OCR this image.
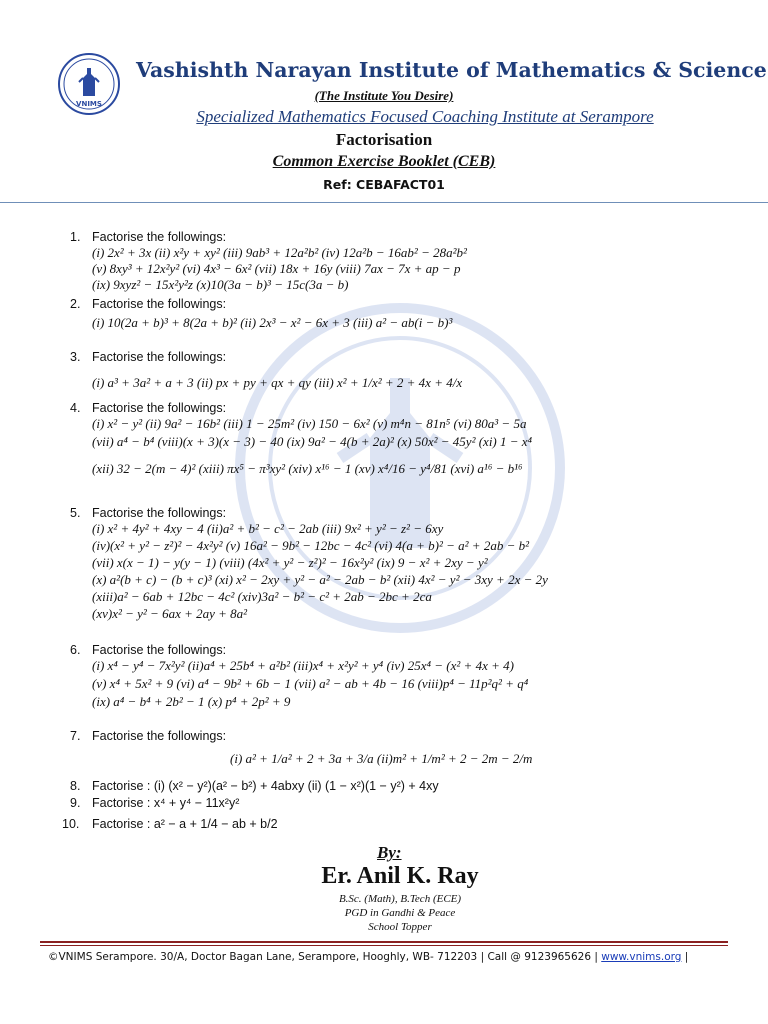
VNIMS
Vashishth Narayan Institute of Mathematics & Science
(The Institute You Desire)
Specialized Mathematics Focused Coaching Institute at Serampore
Factorisation
Common Exercise Booklet (CEB)
Ref: CEBAFACT01
1. Factorise the followings:
(i) 2x² + 3x (ii) x²y + xy² (iii) 9ab³ + 12a²b² (iv) 12a²b − 16ab² − 28a²b²
(v) 8xy³ + 12x²y² (vi) 4x³ − 6x² (vii) 18x + 16y (viii) 7ax − 7x + ap − p
(ix) 9xyz² − 15x²y²z (x)10(3a − b)³ − 15c(3a − b)
2. Factorise the followings:
(i) 10(2a + b)³ + 8(2a + b)² (ii) 2x³ − x² − 6x + 3 (iii) a² − ab(i − b)³
3. Factorise the followings:
(i) a³ + 3a² + a + 3 (ii) px + py + qx + qy (iii) x² + 1/x² + 2 + 4x + 4/x
4. Factorise the followings:
(i) x² − y² (ii) 9a² − 16b² (iii) 1 − 25m² (iv) 150 − 6x² (v) m⁴n − 81n⁵ (vi) 80a³ − 5a
(vii) a⁴ − b⁴ (viii)(x + 3)(x − 3) − 40 (ix) 9a² − 4(b + 2a)² (x) 50x² − 45y² (xi) 1 − x⁴
(xii) 32 − 2(m − 4)² (xiii) πx⁵ − π³xy² (xiv) x¹⁶ − 1 (xv) x⁴/16 − y⁴/81 (xvi) a¹⁶ − b¹⁶
5. Factorise the followings:
(i) x² + 4y² + 4xy − 4 (ii)a² + b² − c² − 2ab (iii) 9x² + y² − z² − 6xy
(iv)(x² + y² − z²)² − 4x²y² (v) 16a² − 9b² − 12bc − 4c² (vi) 4(a + b)² − a² + 2ab − b²
(vii) x(x − 1) − y(y − 1) (viii) (4x² + y² − z²)² − 16x²y² (ix) 9 − x² + 2xy − y²
(x) a²(b + c) − (b + c)³ (xi) x² − 2xy + y² − a² − 2ab − b² (xii) 4x² − y² − 3xy + 2x − 2y
(xiii)a² − 6ab + 12bc − 4c² (xiv)3a² − b² − c² + 2ab − 2bc + 2ca
(xv)x² − y² − 6ax + 2ay + 8a²
6. Factorise the followings:
(i) x⁴ − y⁴ − 7x²y² (ii)a⁴ + 25b⁴ + a²b² (iii)x⁴ + x²y² + y⁴ (iv) 25x⁴ − (x² + 4x + 4)
(v) x⁴ + 5x² + 9 (vi) a⁴ − 9b² + 6b − 1 (vii) a² − ab + 4b − 16 (viii)p⁴ − 11p²q² + q⁴
(ix) a⁴ − b⁴ + 2b² − 1 (x) p⁴ + 2p² + 9
7. Factorise the followings:
(i) a² + 1/a² + 2 + 3a + 3/a (ii)m² + 1/m² + 2 − 2m − 2/m
8. Factorise : (i) (x² − y²)(a² − b²) + 4abxy (ii) (1 − x²)(1 − y²) + 4xy
9. Factorise : x⁴ + y⁴ − 11x²y²
10. Factorise : a² − a + 1/4 − ab + b/2
By:
Er. Anil K. Ray
B.Sc. (Math), B.Tech (ECE)
PGD in Gandhi & Peace
School Topper
©VNIMS Serampore. 30/A, Doctor Bagan Lane, Serampore, Hooghly, WB- 712203 | Call @ 9123965626 | www.vnims.org |
